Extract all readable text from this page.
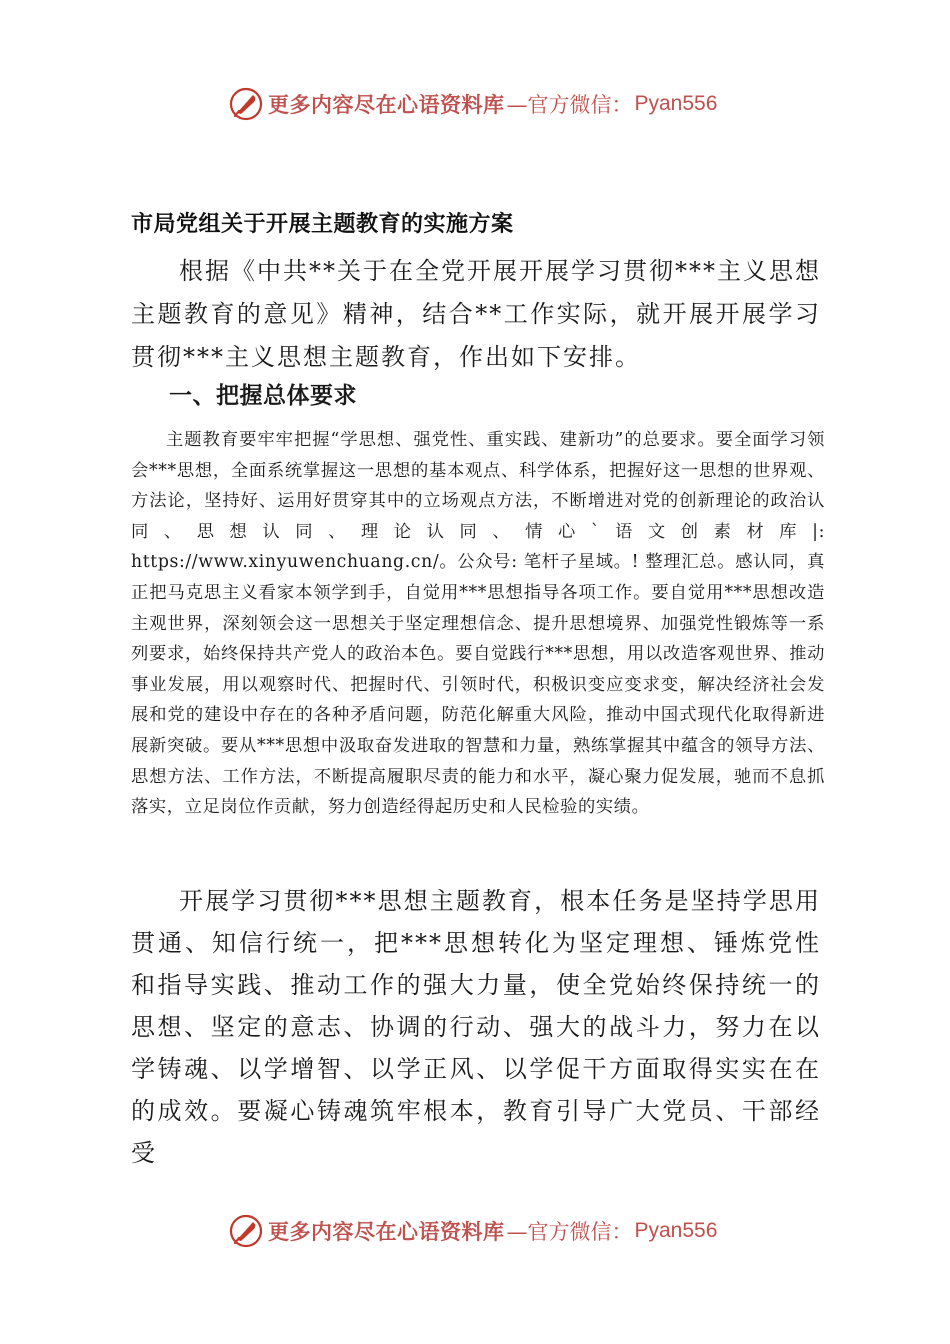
更多内容尽在心语资料库 —官方微信： Pyan556
市局党组关于开展主题教育的实施方案

根据《中共**关于在全党开展开展学习贯彻***主义思想主题教育的意见》精神，结合**工作实际，就开展开展学习贯彻***主义思想主题教育，作出如下安排。

一、把握总体要求

主题教育要牢牢把握“学思想、强党性、重实践、建新功”的总要求。要全面学习领会***思想，全面系统掌握这一思想的基本观点、科学体系，把握好这一思想的世界观、方法论，坚持好、运用好贯穿其中的立场观点方法，不断增进对党的创新理论的政治认同、思想认同、理论认同、情心`语文创素材库|: https://www.xinyuwenchuang.cn/。公众号: 笔杆子星域。! 整理汇总。感认同，真正把马克思主义看家本领学到手，自觉用***思想指导各项工作。要自觉用***思想改造主观世界，深刻领会这一思想关于坚定理想信念、提升思想境界、加强党性锻炼等一系列要求，始终保持共产党人的政治本色。要自觉践行***思想，用以改造客观世界、推动事业发展，用以观察时代、把握时代、引领时代，积极识变应变求变，解决经济社会发展和党的建设中存在的各种矛盾问题，防范化解重大风险，推动中国式现代化取得新进展新突破。要从***思想中汲取奋发进取的智慧和力量，熟练掌握其中蕴含的领导方法、思想方法、工作方法，不断提高履职尽责的能力和水平，凝心聚力促发展，驰而不息抓落实，立足岗位作贡献，努力创造经得起历史和人民检验的实绩。

开展学习贯彻***思想主题教育，根本任务是坚持学思用贯通、知信行统一，把***思想转化为坚定理想、锤炼党性和指导实践、推动工作的强大力量，使全党始终保持统一的思想、坚定的意志、协调的行动、强大的战斗力，努力在以学铸魂、以学增智、以学正风、以学促干方面取得实实在在的成效。要凝心铸魂筑牢根本，教育引导广大党员、干部经受

更多内容尽在心语资料库 —官方微信： Pyan556
